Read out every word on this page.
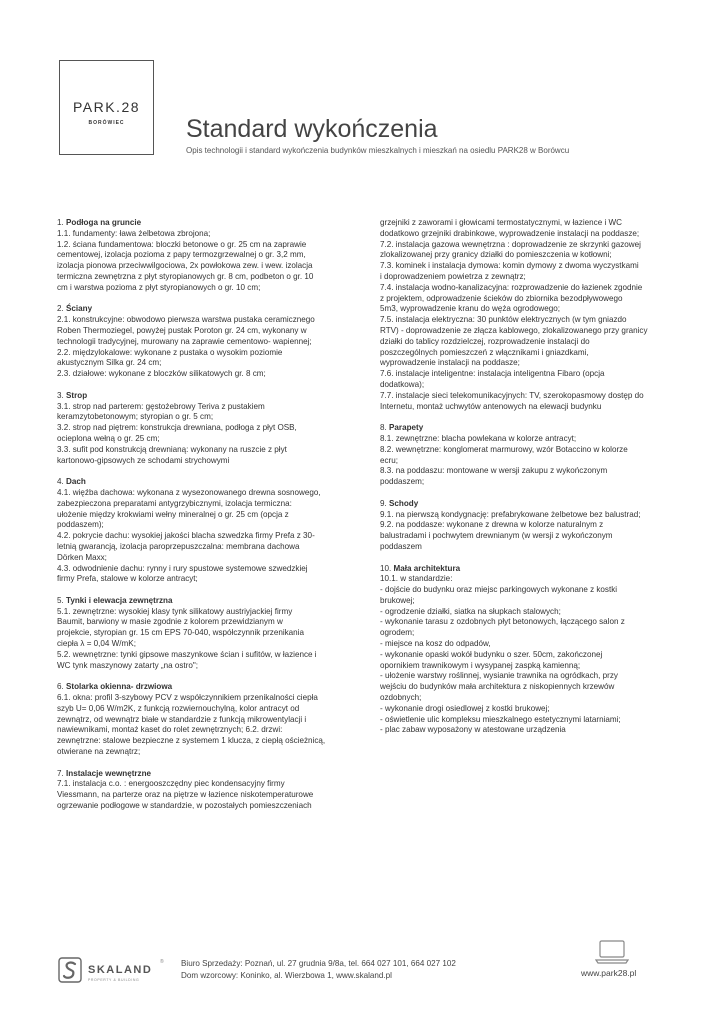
PARK.28
BORÓWIEC	Standard wykończenia
Opis technologii i standard wykończenia budynków mieszkalnych i mieszkań na osiedlu PARK28 w Borówcu
1. Podłoga na gruncie
1.1. fundamenty: ława żelbetowa zbrojona;
1.2. ściana fundamentowa: bloczki betonowe o gr. 25 cm na zaprawie
cementowej, izolacja pozioma z papy termozgrzewalnej o gr. 3,2 mm,
izolacja pionowa przeciwwilgociowa, 2x powłokowa zew. i wew. izolacja
termiczna zewnętrzna z płyt styropianowych gr. 8 cm, podbeton o gr. 10
cm i warstwa pozioma z płyt styropianowych o gr. 10 cm;
2. Ściany
2.1. konstrukcyjne: obwodowo pierwsza warstwa pustaka ceramicznego
Roben Thermoziegel, powyżej pustak Poroton gr. 24 cm, wykonany w
technologii tradycyjnej, murowany na zaprawie cementowo- wapiennej;
2.2. międzylokalowe: wykonane z pustaka o wysokim poziomie
akustycznym Silka gr. 24 cm;
2.3. działowe: wykonane z bloczków silikatowych gr. 8 cm;
3. Strop
3.1. strop nad parterem: gęstożebrowy Teriva z pustakiem
keramzytobetonowym; styropian o gr. 5 cm;
3.2. strop nad piętrem: konstrukcja drewniana, podłoga z płyt OSB,
ocieplona wełną o gr. 25 cm;
3.3. sufit pod konstrukcją drewnianą: wykonany na ruszcie z płyt
kartonowo-gipsowych ze schodami strychowymi
4. Dach
4.1. więźba dachowa: wykonana z wysezonowanego drewna sosnowego,
zabezpieczona preparatami antygrzybicznymi, izolacja termiczna:
ułożenie między krokwiami wełny mineralnej o gr. 25 cm (opcja z
poddaszem);
4.2. pokrycie dachu: wysokiej jakości blacha szwedzka firmy Prefa z 30-
letnią gwarancją, izolacja paroprzepuszczalna: membrana dachowa
Dörken Maxx;
4.3. odwodnienie dachu: rynny i rury spustowe systemowe szwedzkiej
firmy Prefa, stalowe w kolorze antracyt;
5. Tynki i elewacja zewnętrzna
5.1. zewnętrzne: wysokiej klasy tynk silikatowy austriyjackiej firmy
Baumit, barwiony w masie zgodnie z kolorem przewidzianym w
projekcie, styropian gr. 15 cm EPS 70-040, współczynnik przenikania
ciepła λ = 0,04 W/mK;
5.2. wewnętrzne: tynki gipsowe maszynkowe ścian i sufitów, w łazience i
WC tynk maszynowy zatarty „na ostro";
6. Stolarka okienna- drzwiowa
6.1. okna: profil 3-szybowy PCV z współczynnikiem przenikalności ciepła
szyb U= 0,06 W/m2K, z funkcją rozwiernouchylną, kolor antracyt od
zewnątrz, od wewnątrz białe w standardzie z funkcją mikrowentylacji i
nawiewnikami, montaż kaset do rolet zewnętrznych; 6.2. drzwi:
zewnętrzne: stalowe bezpieczne z systemem 1 klucza, z ciepłą ościeżnicą,
otwierane na zewnątrz;
7. Instalacje wewnętrzne
7.1. instalacja c.o. : energooszczędny piec kondensacyjny firmy
Viessmann, na parterze oraz na piętrze w łazience niskotemperaturowe
ogrzewanie podłogowe w standardzie, w pozostałych pomieszczeniach
grzejniki z zaworami i głowicami termostatycznymi, w łazience i WC
dodatkowo grzejniki drabinkowe, wyprowadzenie instalacji na poddasze;
7.2. instalacja gazowa wewnętrzna : doprowadzenie ze skrzynki gazowej
zlokalizowanej przy granicy działki do pomieszczenia w kotłowni;
7.3. kominek i instalacja dymowa: komin dymowy z dwoma wyczystkami
i doprowadzeniem powietrza z zewnątrz;
7.4. instalacja wodno-kanalizacyjna: rozprowadzenie do łazienek zgodnie
z projektem, odprowadzenie ścieków do zbiornika bezodpływowego
5m3, wyprowadzenie kranu do węża ogrodowego;
7.5. instalacja elektryczna: 30 punktów elektrycznych (w tym gniazdo
RTV) - doprowadzenie ze złącza kablowego, zlokalizowanego przy granicy
działki do tablicy rozdzielczej, rozprowadzenie instalacji do
poszczególnych pomieszczeń z włącznikami i gniazdkami,
wyprowadzenie instalacji na poddasze;
7.6. instalacje inteligentne: instalacja inteligentna Fibaro (opcja
dodatkowa);
7.7. instalacje sieci telekomunikacyjnych: TV, szerokopasmowy dostęp do
Internetu, montaż uchwytów antenowych na elewacji budynku
8. Parapety
8.1. zewnętrzne: blacha powlekana w kolorze antracyt;
8.2. wewnętrzne: konglomerat marmurowy, wzór Botaccino w kolorze
ecru;
8.3. na poddaszu: montowane w wersji zakupu z wykończonym
poddaszem;
9. Schody
9.1. na pierwszą kondygnację: prefabrykowane żelbetowe bez balustrad;
9.2. na poddasze: wykonane z drewna w kolorze naturalnym z
balustradami i pochwytem drewnianym (w wersji z wykończonym
poddaszem
10. Mała architektura
10.1. w standardzie:
- dojście do budynku oraz miejsc parkingowych wykonane z kostki
brukowej;
- ogrodzenie działki, siatka na słupkach stalowych;
- wykonanie tarasu z ozdobnych płyt betonowych, łączącego salon z
ogrodem;
- miejsce na kosz do odpadów,
- wykonanie opaski wokół budynku o szer. 50cm, zakończonej
opornikiem trawnikowym i wysypanej zaspką kamienną;
- ułożenie warstwy roślinnej, wysianie trawnika na ogródkach, przy
wejściu do budynków mała architektura z niskopiennych krzewów
ozdobnych;
- wykonanie drogi osiedlowej z kostki brukowej;
- oświetlenie ulic kompleksu mieszkalnego estetycznymi latarniami;
- plac zabaw wyposażony w atestowane urządzenia
SKALAND
PROPERTY & BUILDING
® Biuro Sprzedaży: Poznań, ul. 27 grudnia 9/8a, tel. 664 027 101, 664 027 102
Dom wzorcowy: Koninko, al. Wierzbowa 1, www.skaland.pl	www.park28.pl
